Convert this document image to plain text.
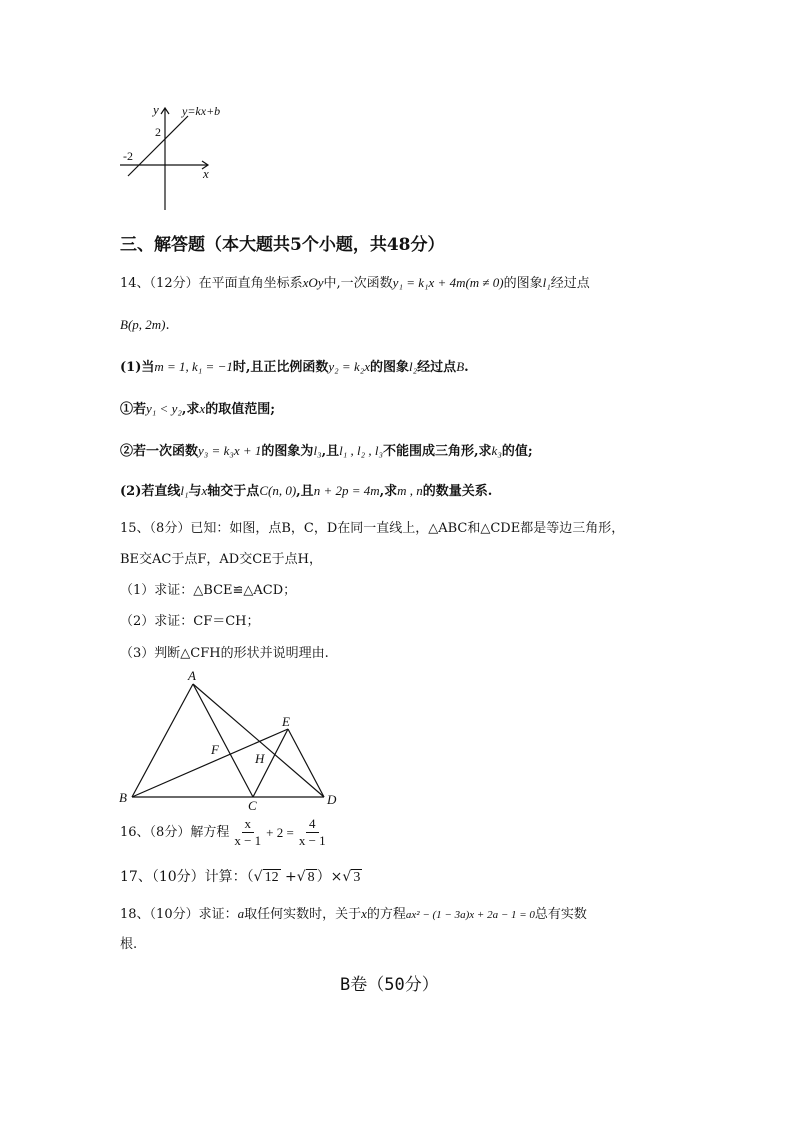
y
x
y=kx+b
2
-2
三、解答题（本大题共5个小题，共48分）
14、（12分）在平面直角坐标系xOy中,一次函数y₁ = k₁x + 4m(m ≠ 0)的图象l₁经过点
B(p, 2m).
(1)当m = 1, k₁ = −1时,且正比例函数y₂ = k₂x的图象l₂经过点B.
①若y₁ < y₂,求x的取值范围;
②若一次函数y₃ = k₃x + 1的图象为l₃,且l₁ , l₂ , l₃不能围成三角形,求k₃的值;
(2)若直线l₁与x轴交于点C(n, 0),且n + 2p = 4m,求m , n的数量关系.
15、（8分）已知：如图，点B，C，D在同一直线上，△ABC和△CDE都是等边三角形，
BE交AC于点F，AD交CE于点H，
（1）求证：△BCE≌△ACD；
（2）求证：CF＝CH；
（3）判断△CFH的形状并说明理由.
A
B
C	D
E
F
H
16、（8分）解方程 $\frac{x}{x - 1} + 2 = \frac{4}{x - 1}$
17、（10分）计算：（√ 12 +√ 8 ）×√ 3
18、（10分）求证：a取任何实数时，关于x的方程ax² − (1 − 3a)x + 2a − 1 = 0总有实数
根.
B卷（50分）
